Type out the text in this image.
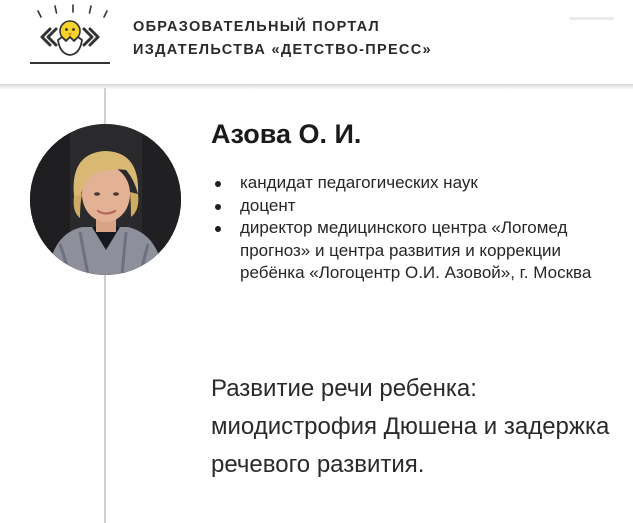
ОБРАЗОВАТЕЛЬНЫЙ ПОРТАЛ
ИЗДАТЕЛЬСТВА «ДЕТСТВО-ПРЕСС»
Азова О. И.
кандидат педагогических наук
доцент
директор медицинского центра «Логомед прогноз» и центра развития и коррекции ребёнка «Логоцентр О.И. Азовой», г. Москва
Развитие речи ребенка: миодистрофия Дюшена и задержка речевого развития.
